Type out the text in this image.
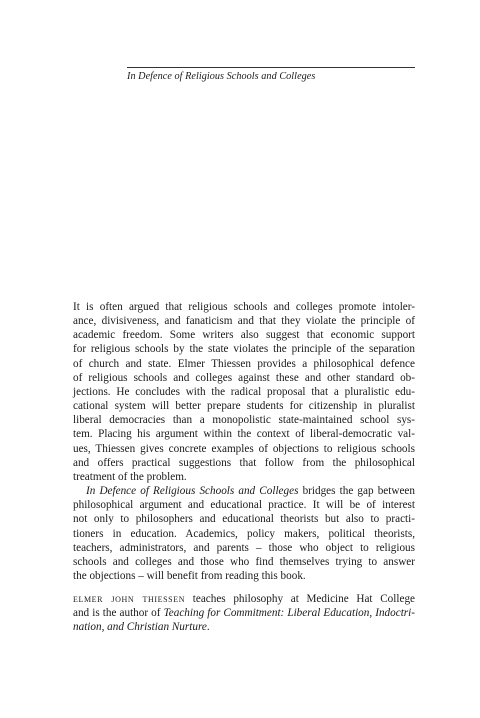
In Defence of Religious Schools and Colleges
It is often argued that religious schools and colleges promote intoler-
ance, divisiveness, and fanaticism and that they violate the principle of
academic freedom. Some writers also suggest that economic support
for religious schools by the state violates the principle of the separation
of church and state. Elmer Thiessen provides a philosophical defence
of religious schools and colleges against these and other standard ob-
jections. He concludes with the radical proposal that a pluralistic edu-
cational system will better prepare students for citizenship in pluralist
liberal democracies than a monopolistic state-maintained school sys-
tem. Placing his argument within the context of liberal-democratic val-
ues, Thiessen gives concrete examples of objections to religious schools
and offers practical suggestions that follow from the philosophical
treatment of the problem.
In Defence of Religious Schools and Colleges bridges the gap between
philosophical argument and educational practice. It will be of interest
not only to philosophers and educational theorists but also to practi-
tioners in education. Academics, policy makers, political theorists,
teachers, administrators, and parents – those who object to religious
schools and colleges and those who find themselves trying to answer
the objections – will benefit from reading this book.
elmer john thiessen teaches philosophy at Medicine Hat College
and is the author of Teaching for Commitment: Liberal Education, Indoctri-
nation, and Christian Nurture.
